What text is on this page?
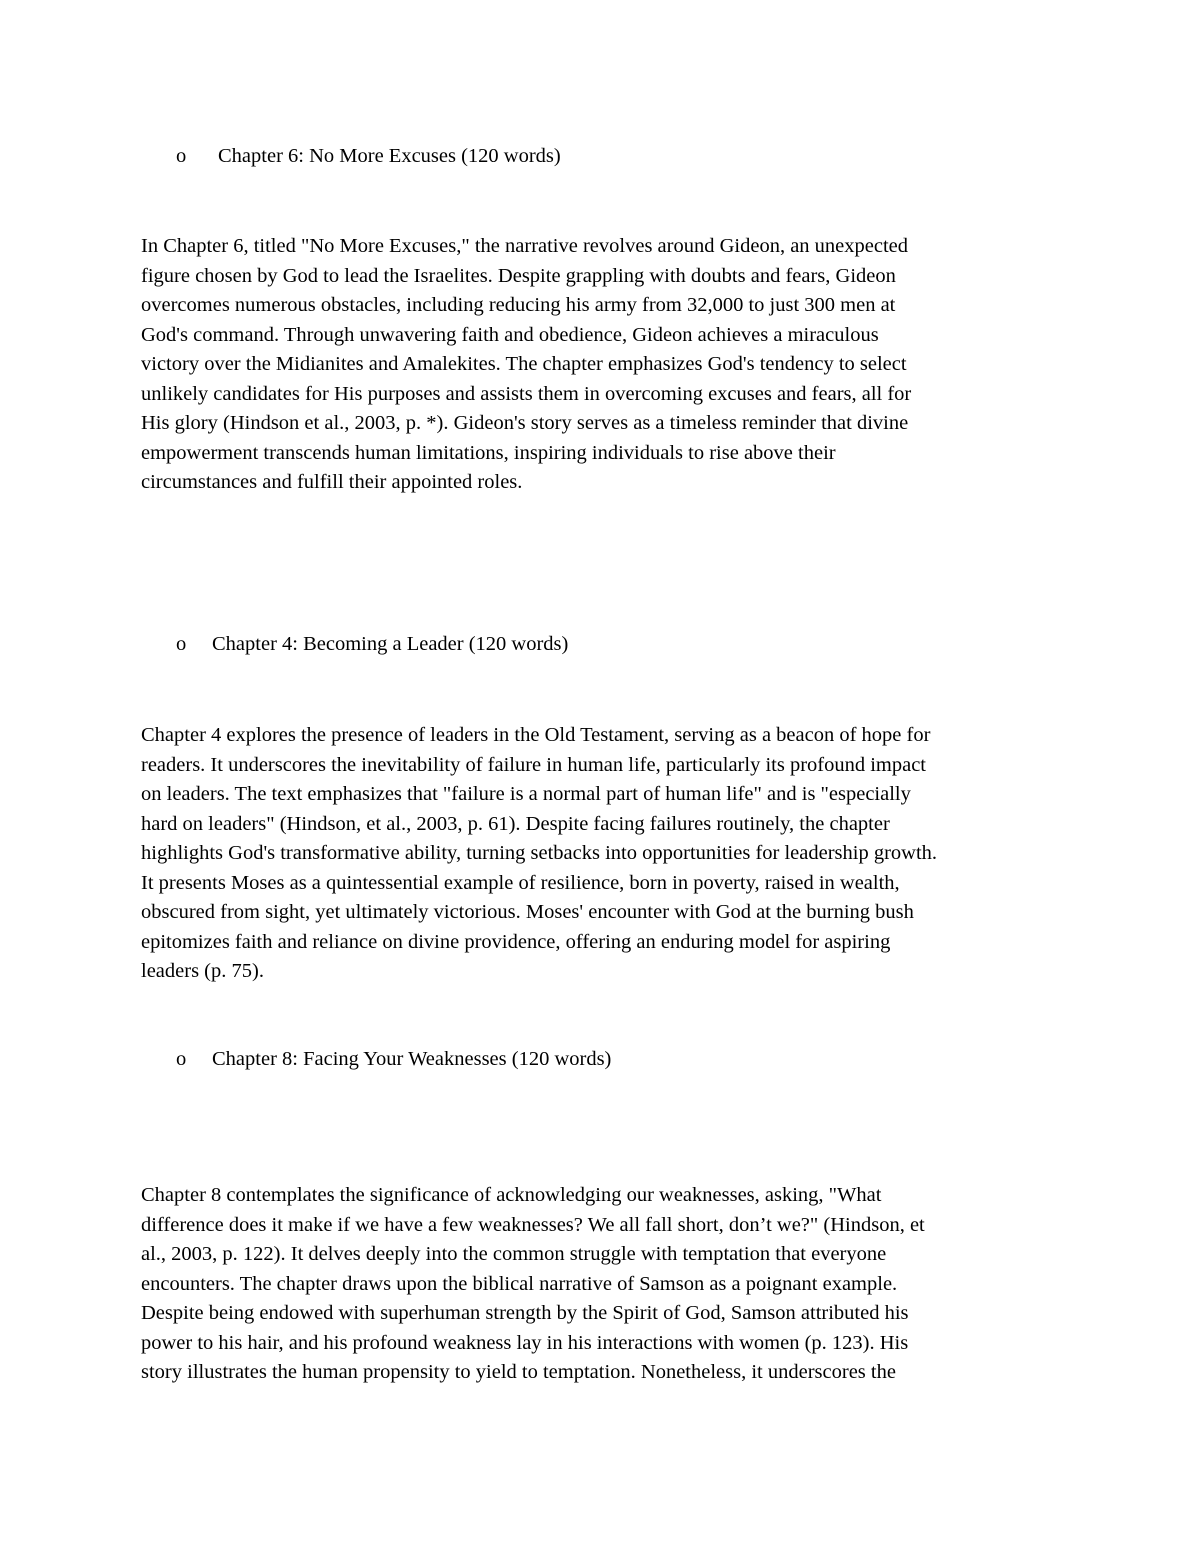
o Chapter 6: No More Excuses (120 words)
In Chapter 6, titled "No More Excuses," the narrative revolves around Gideon, an unexpected
figure chosen by God to lead the Israelites. Despite grappling with doubts and fears, Gideon
overcomes numerous obstacles, including reducing his army from 32,000 to just 300 men at
God's command. Through unwavering faith and obedience, Gideon achieves a miraculous
victory over the Midianites and Amalekites. The chapter emphasizes God's tendency to select
unlikely candidates for His purposes and assists them in overcoming excuses and fears, all for
His glory (Hindson et al., 2003, p. *). Gideon's story serves as a timeless reminder that divine
empowerment transcends human limitations, inspiring individuals to rise above their
circumstances and fulfill their appointed roles.
o Chapter 4: Becoming a Leader (120 words)
Chapter 4 explores the presence of leaders in the Old Testament, serving as a beacon of hope for
readers. It underscores the inevitability of failure in human life, particularly its profound impact
on leaders. The text emphasizes that "failure is a normal part of human life" and is "especially
hard on leaders" (Hindson, et al., 2003, p. 61). Despite facing failures routinely, the chapter
highlights God's transformative ability, turning setbacks into opportunities for leadership growth.
It presents Moses as a quintessential example of resilience, born in poverty, raised in wealth,
obscured from sight, yet ultimately victorious. Moses' encounter with God at the burning bush
epitomizes faith and reliance on divine providence, offering an enduring model for aspiring
leaders (p. 75).
o Chapter 8: Facing Your Weaknesses (120 words)
Chapter 8 contemplates the significance of acknowledging our weaknesses, asking, "What
difference does it make if we have a few weaknesses? We all fall short, don’t we?" (Hindson, et
al., 2003, p. 122). It delves deeply into the common struggle with temptation that everyone
encounters. The chapter draws upon the biblical narrative of Samson as a poignant example.
Despite being endowed with superhuman strength by the Spirit of God, Samson attributed his
power to his hair, and his profound weakness lay in his interactions with women (p. 123). His
story illustrates the human propensity to yield to temptation. Nonetheless, it underscores the
